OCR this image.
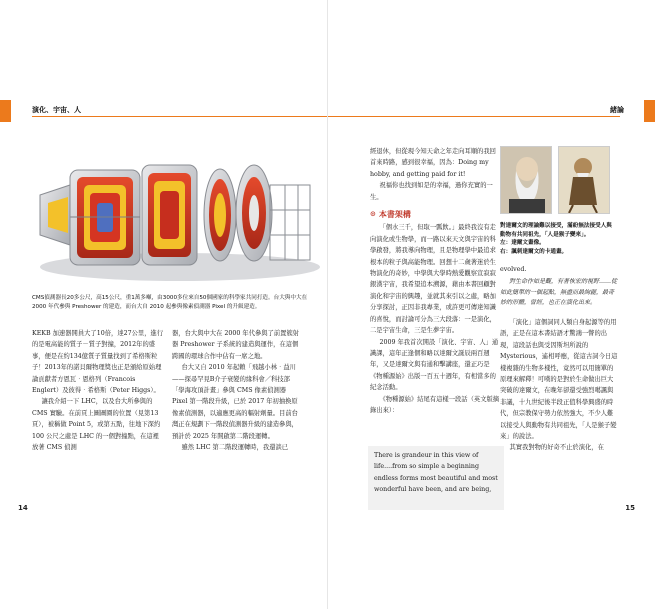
演化、宇宙、人
CMS偵測器長20多公尺，高15公尺，重1萬多噸，由3000多位來自50個國家的科學家共同打造。台大與中大在 2000 年代參與 Preshower 的建造，而台大自 2010 起參與像素偵測器 Pixel 的升級建造。

KEKB 加速器開員大了10倍，達27公里，進行的是電高能的質子－質子對撞，2012年的盛事，便是在約134億質子質量找到了希格斯粒子！2013年的諾貝爾物理獎也正是頒給原始理論貢獻者方恩瓦‧恩格列（Francois Englert）及彼得‧希格斯（Peter Higgs）。

讓我介紹一下 LHC，以及台大所參與的 CMS 實驗。在前頁上圖圖圈的位置（見第13頁），被稱做 Point 5，或第五點，往地下深約 100 公尺之處是 LHC 的一個對撞點，在這裡放著 CMS 偵測

器，台大與中大在 2000 年代參與了前置簇射器 Preshower 子系統的建造與運作，在這個跨國的環球合作中佔有一席之地。

台大又自 2010 年起賴「飛越小林‧益川——探尋罕見B介子衰變的緣科會／科技部「學海攻頂計畫」參與 CMS 像素偵測器 Pixel 第一階段升級，已於 2017 年初抽換原像素偵測器，以適應更高的輻射劑量。目前台灣正在規劃下一階段偵測器升級的建造參與，預計於 2025 年開啟第二階段運轉。

雖然 LHC 第二階段運轉時，我還談已

14
緒論

經退休，但從現今知天命之年走向耳順的我回首來時路，感到很幸福，因為：Doing my hobby, and getting paid for it!

祝福你也找到如是的幸福，過你充實的一生。

⊙ 本書架構

「個水三千，但取一瓢飲。」最終我沒有走向演化或生物學，而一路以來天文與宇宙的科學啟發，將我導向物理，且是物理學中最追求根本的粒子與高能物理。回想十二歲著迷於生物演化的奇妙，中學與大學時熱愛觀察宣寂寂銀漢宇宙，我希望追本溯源，藉由本書回顧對演化和宇宙的興趣，並就其來引以之處，略加分享探討，正因非我專業，或許更可傳達知識的喜悅，而討論可分為三大段落：一是演化，二是宇宙生命，三是生夢宇宙。

2009 年我首次開設「演化、宇宙、人」通識課，這年正逢個和略以達爾文誕辰兩百週年，又是達爾文與有通和擊講座，還正巧是《物種源始》出版一百五十週年，有相當多的紀念活動。

《物種源始》結尾有這樣一段話（英文版摘錄出來）：

There is grandeur in this view of life....from so simple a beginning endless forms most beautiful and most wonderful have been, and are being,
對達爾文的理論難以接受，滿紛無法接受人與動物有共同祖先，「人是猴子變來」。
左：達爾文畫像。
右：諷刺達爾文的卡通畫。

evolved.

對生命作如是觀，有著恢宏的視野……從如此簡單的一個起點，無盡而最絢麗，最奇妙的形體，曾經，也正在演化出來。

「演化」這個詞同人類自身起源等的用語，正是在這本書結語才驚鴻一瞥的出現，這段話也與受因斯坦所說的 Mysterious，遙相呼應，從這古詞今日這樣複雜的生物多樣性，竟然可以用簡單的原理來解釋！可嘆的是對於生命做出巨大突破的達爾文，在晚年卻還受強烈噶諷與非議，十九世紀後半段正值科學興盛的時代，但宗教保守勢力依然強大，不少人難以接受人與動物有共同祖先，「人是猴子變來」的說法。

其實我對物的好奇不止於演化，在

15
